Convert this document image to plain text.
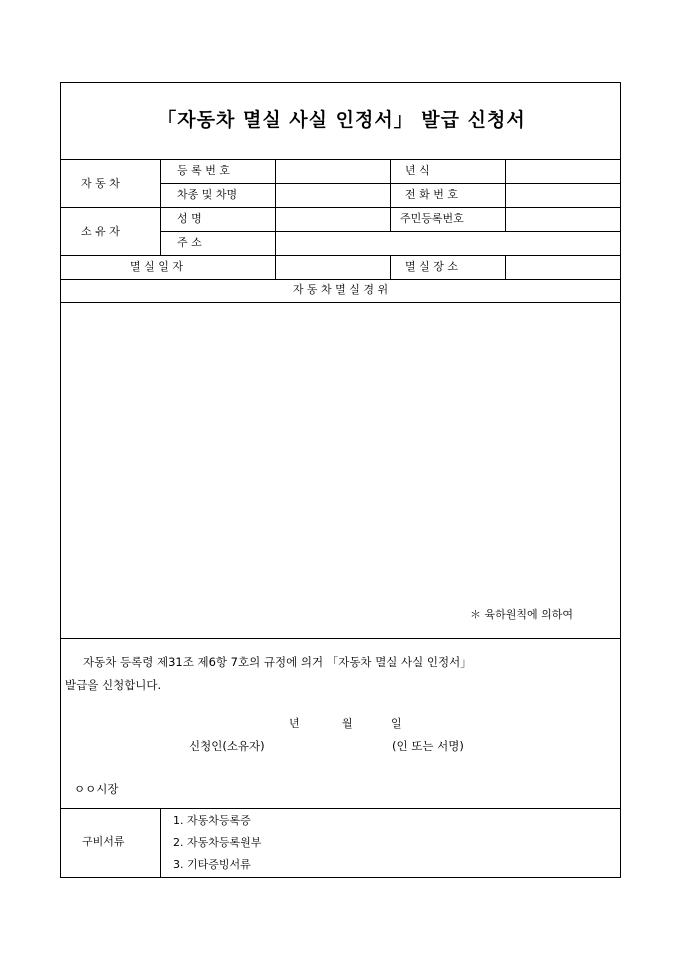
「자동차 멸실 사실 인정서」 발급 신청서
자 동 차
등 록 번 호	년 식
차종 및 차명	전 화 번 호
소 유 자
성 명	주민등록번호
주 소
멸 실 일 자	멸 실 장 소
자 동 차 멸 실 경 위
＊ 육하원칙에 의하여
자동차 등록령 제31조 제6항 7호의 규정에 의거 「자동차 멸실 사실 인정서」
발급을 신청합니다.
년	월	일
신청인(소유자)	(인 또는 서명)
ㅇㅇ시장
구비서류
1. 자동차등록증
2. 자동차등록원부
3. 기타증빙서류
